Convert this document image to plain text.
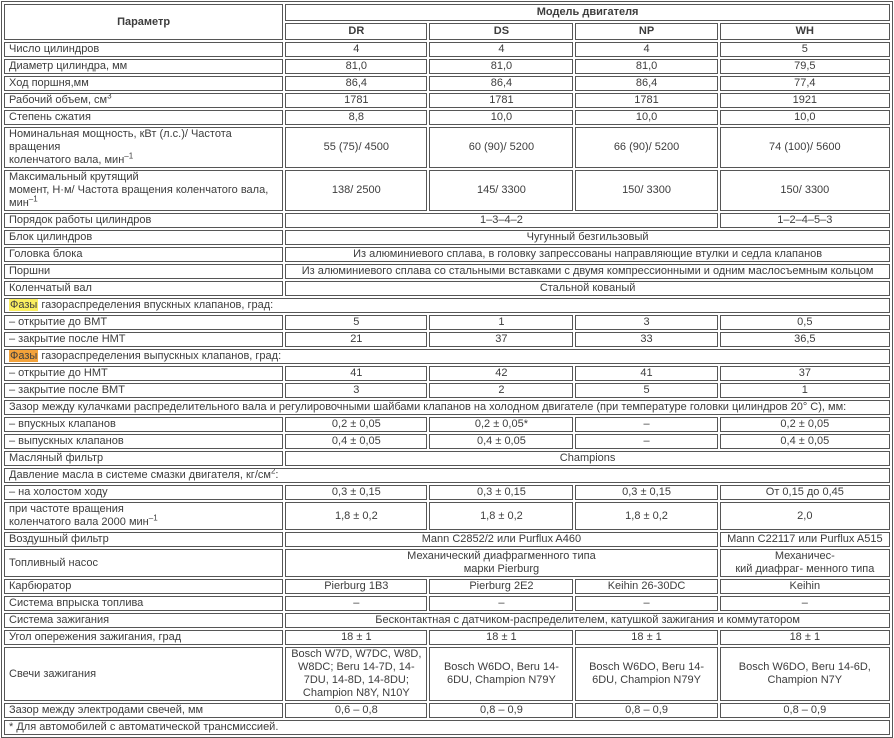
Параметр	Модель двигателя			
	DR	DS	NP	WH
Число цилиндров	4	4	4	5
Диаметр цилиндра, мм	81,0	81,0	81,0	79,5
Ход поршня,мм	86,4	86,4	86,4	77,4
Рабочий объем, $см^3$	1781	1781	1781	1921
Степень сжатия	8,8	10,0	10,0	10,0
Номинальная мощность, кВт (л.с.)/ Частота вращения
коленчатого вала, мин$^{-1}$	55 (75)/ 4500	60 (90)/ 5200	66 (90)/ 5200	74 (100)/ 5600
Максимальный крутящий
момент, Н·м/ Частота вращения коленчатого вала, мин$^{-1}$	138/ 2500	145/ 3300	150/ 3300	150/ 3300
Порядок работы цилиндров	1–3–4–2			1–2–4–5–3
Блок цилиндров	Чугунный безгильзовый			
Головка блока	Из алюминиевого сплава, в головку запрессованы направляющие втулки и седла клапанов			
Поршни	Из алюминиевого сплава со стальными вставками с двумя компрессионными и одним маслосъемным кольцом			
Коленчатый вал	Стальной кованый			
Фазы газораспределения впускных клапанов, град:				
– открытие до ВМТ	5	1	3	0,5
– закрытие после НМТ	21	37	33	36,5
Фазы газораспределения выпускных клапанов, град:				
– открытие до НМТ	41	42	41	37
– закрытие после ВМТ	3	2	5	1
Зазор между кулачками распределительного вала и регулировочными шайбами клапанов на холодном двигателе (при температуре головки цилиндров 20° С), мм:				
– впускных клапанов	0,2 ± 0,05	0,2 ± 0,05*	–	0,2 ± 0,05
– выпускных клапанов	0,4 ± 0,05	0,4 ± 0,05	–	0,4 ± 0,05
Масляный фильтр	Champions			
Давление масла в системе смазки двигателя, $кг/см^2$:				
– на холостом ходу	0,3 ± 0,15	0,3 ± 0,15	0,3 ± 0,15	От 0,15 до 0,45
при частоте вращения
коленчатого вала 2000 мин$^{-1}$	1,8 ± 0,2	1,8 ± 0,2	1,8 ± 0,2	2,0
Воздушный фильтр	Mann C2852/2 или Purflux A460			Mann C22117 или Purflux A515
Топливный насос	Механический диафрагменного типа
марки Pierburg			Механичес-
кий диафраг- менного типа
Карбюратор	Pierburg 1B3	Pierburg 2E2	Keihin 26-30DC	Keihin
Система впрыска топлива	–	–	–	–
Система зажигания	Бесконтактная с датчиком-распределителем, катушкой зажигания и коммутатором			
Угол опережения зажигания, град	18 ± 1	18 ± 1	18 ± 1	18 ± 1
Свечи зажигания	Bosch W7D, W7DC, W8D, W8DC; Beru 14-7D, 14-7DU, 14-8D, 14-8DU; Champion N8Y, N10Y	Bosch W6DO, Beru 14-6DU, Champion N79Y	Bosch W6DO, Beru 14-6DU, Champion N79Y	Bosch W6DO, Beru 14-6D, Champion N7Y
Зазор между электродами свечей, мм	0,6 – 0,8	0,8 – 0,9	0,8 – 0,9	0,8 – 0,9
* Для автомобилей с автоматической трансмиссией.				
